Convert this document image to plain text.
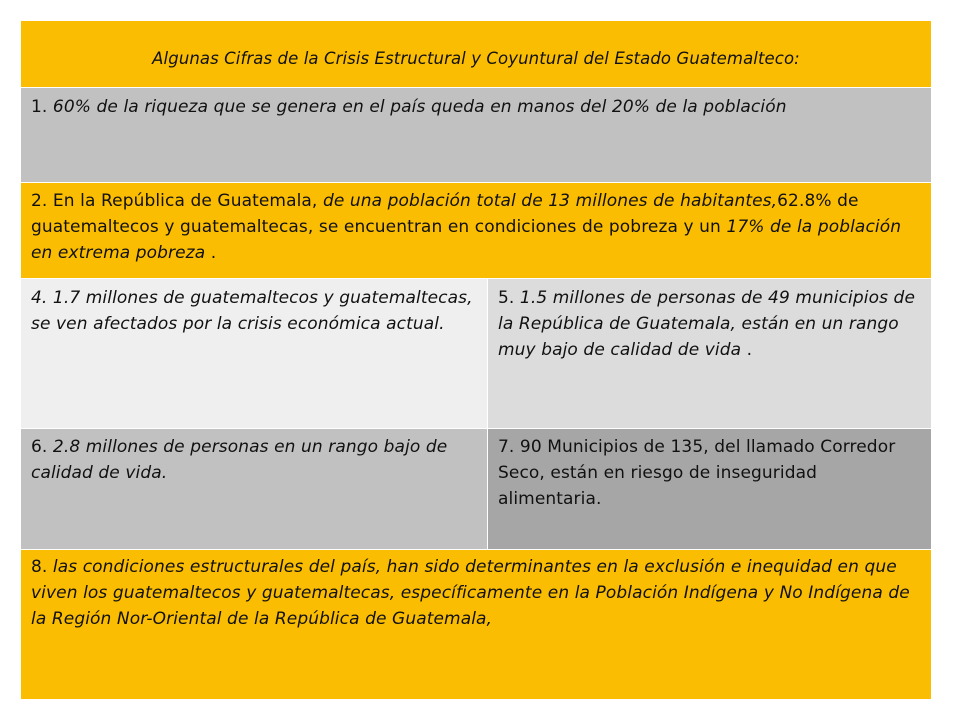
Algunas Cifras de la Crisis Estructural y Coyuntural del Estado Guatemalteco:
1. 60% de la riqueza que se genera en el país queda en manos del 20% de la población
2. En la República de Guatemala, de una población total de 13 millones de habitantes,62.8% de guatemaltecos y guatemaltecas, se encuentran en condiciones de pobreza y un 17% de la población en extrema pobreza .
4. 1.7 millones de guatemaltecos y guatemaltecas, se ven afectados por la crisis económica actual.
5. 1.5 millones de personas de 49 municipios de la República de Guatemala, están en un rango muy bajo de calidad de vida .
6. 2.8 millones de personas en un rango bajo de calidad de vida.
7. 90 Municipios de 135, del llamado Corredor Seco, están en riesgo de inseguridad alimentaria.
8. las condiciones estructurales del país, han sido determinantes en la exclusión e inequidad en que viven los guatemaltecos y guatemaltecas, específicamente en la Población Indígena y No Indígena de la Región Nor-Oriental de la República de Guatemala,
